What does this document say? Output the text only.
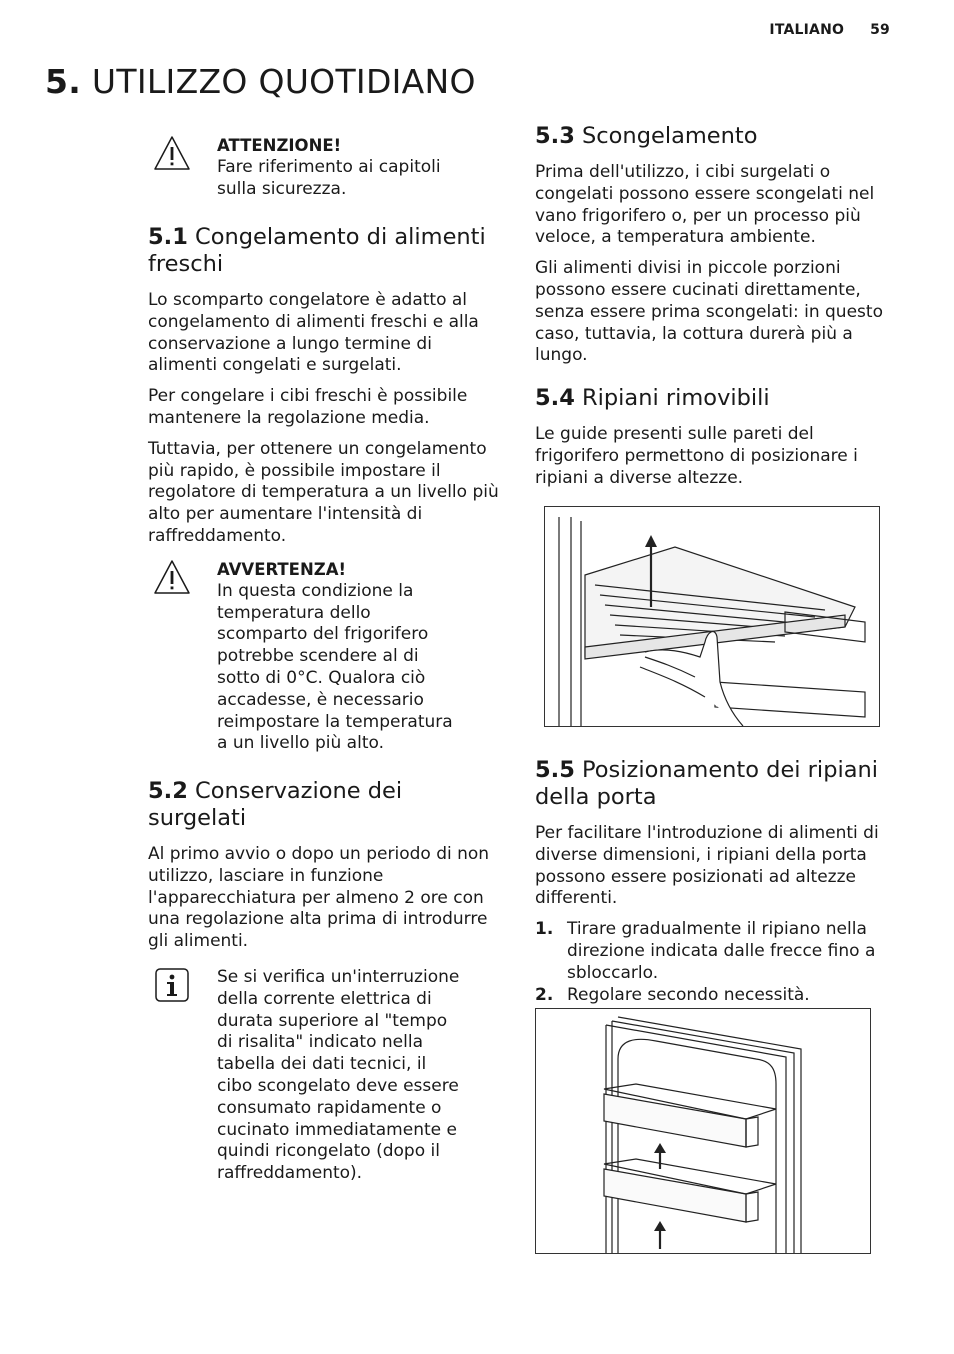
ITALIANO 59
5. UTILIZZO QUOTIDIANO

ATTENZIONE!

Fare riferimento ai capitoli

sulla sicurezza.

5.1 Congelamento di alimenti
freschi

Lo scomparto congelatore è adatto al

congelamento di alimenti freschi e alla

conservazione a lungo termine di

alimenti congelati e surgelati.

Per congelare i cibi freschi è possibile

mantenere la regolazione media.

Tuttavia, per ottenere un congelamento

più rapido, è possibile impostare il

regolatore di temperatura a un livello più

alto per aumentare l'intensità di

raffreddamento.

AVVERTENZA!

In questa condizione la

temperatura dello

scomparto del frigorifero

potrebbe scendere al di

sotto di 0°C. Qualora ciò

accadesse, è necessario

reimpostare la temperatura

a un livello più alto.

5.2 Conservazione dei
surgelati

Al primo avvio o dopo un periodo di non

utilizzo, lasciare in funzione

l'apparecchiatura per almeno 2 ore con

una regolazione alta prima di introdurre

gli alimenti.

Se si verifica un'interruzione

della corrente elettrica di

durata superiore al "tempo

di risalita" indicato nella

tabella dei dati tecnici, il

cibo scongelato deve essere

consumato rapidamente o

cucinato immediatamente e

quindi ricongelato (dopo il

raffreddamento).

5.3 Scongelamento

Prima dell'utilizzo, i cibi surgelati o

congelati possono essere scongelati nel

vano frigorifero o, per un processo più

veloce, a temperatura ambiente.

Gli alimenti divisi in piccole porzioni

possono essere cucinati direttamente,

senza essere prima scongelati: in questo

caso, tuttavia, la cottura durerà più a

lungo.

5.4 Ripiani rimovibili

Le guide presenti sulle pareti del

frigorifero permettono di posizionare i

ripiani a diverse altezze.

5.5 Posizionamento dei ripiani
della porta

Per facilitare l'introduzione di alimenti di

diverse dimensioni, i ripiani della porta

possono essere posizionati ad altezze

differenti.

1. Tirare gradualmente il ripiano nella
direzione indicata dalle frecce fino a
sbloccarlo.
2. Regolare secondo necessità.
